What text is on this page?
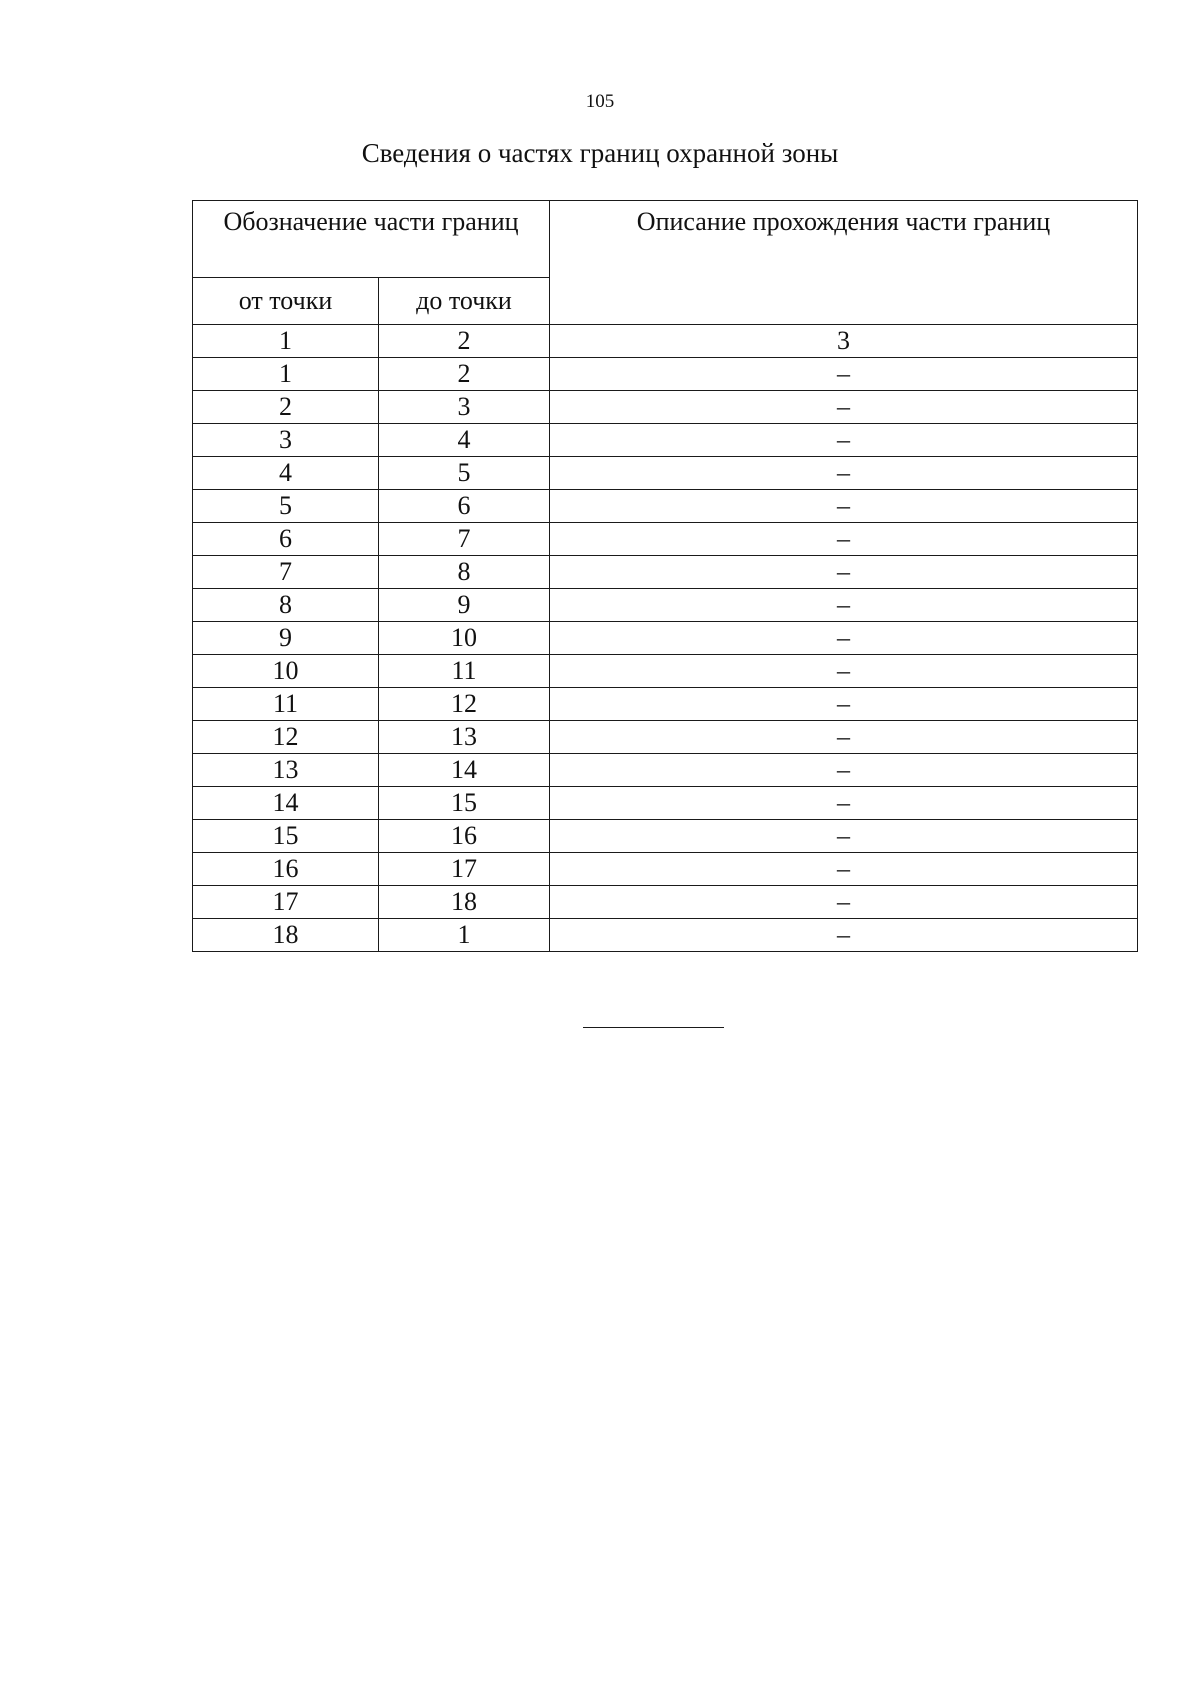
105
Сведения о частях границ охранной зоны
Обозначение части границ		Описание прохождения части границ
от точки	до точки	
1	2	3
1	2	–
2	3	–
3	4	–
4	5	–
5	6	–
6	7	–
7	8	–
8	9	–
9	10	–
10	11	–
11	12	–
12	13	–
13	14	–
14	15	–
15	16	–
16	17	–
17	18	–
18	1	–
